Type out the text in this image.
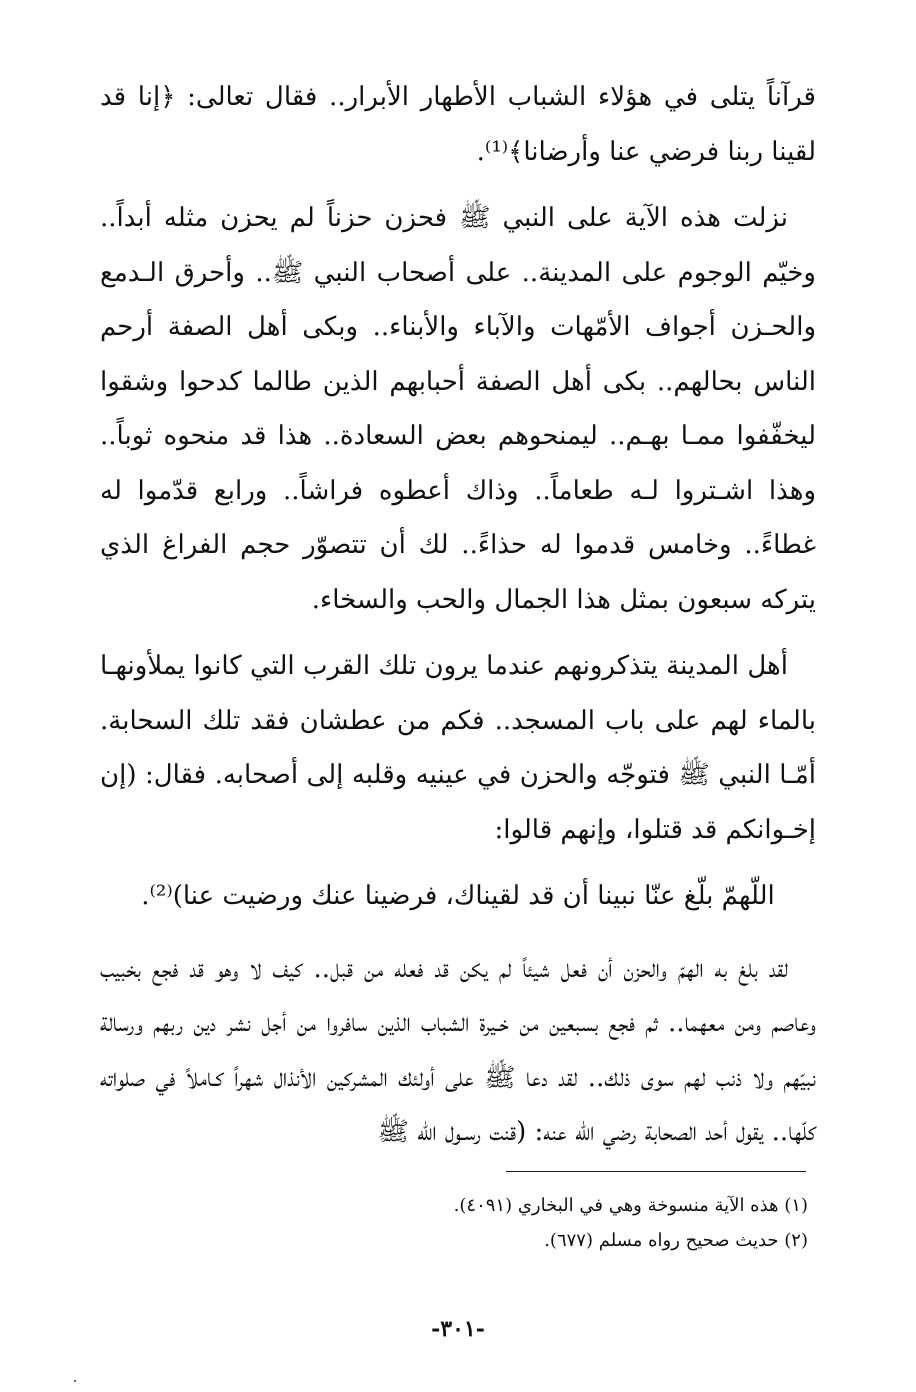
قرآناً يتلى في هؤلاء الشباب الأطهار الأبرار.. فقال تعالى: ﴿إنا قد لقينا ربنا فرضي عنا وأرضانا﴾⁽¹⁾.

نزلت هذه الآية على النبي ﷺ فحزن حزناً لم يحزن مثله أبداً.. وخيّم الوجوم على المدينة.. على أصحاب النبي ﷺ.. وأحرق الـدمع والحـزن أجواف الأمّهات والآباء والأبناء.. وبكى أهل الصفة أرحم الناس بحالهم.. بكى أهل الصفة أحبابهم الذين طالما كدحوا وشقوا ليخفّفوا ممـا بهـم.. ليمنحوهم بعض السعادة.. هذا قد منحوه ثوباً.. وهذا اشـتروا لـه طعاماً.. وذاك أعطوه فراشاً.. ورابع قدّموا له غطاءً.. وخامس قدموا له حذاءً.. لك أن تتصوّر حجم الفراغ الذي يتركه سبعون بمثل هذا الجمال والحب والسخاء.

أهل المدينة يتذكرونهم عندما يرون تلك القرب التي كانوا يملأونهـا بالماء لهم على باب المسجد.. فكم من عطشان فقد تلك السحابة. أمّـا النبي ﷺ فتوجّه والحزن في عينيه وقلبه إلى أصحابه. فقال: (إن إخـوانكم قد قتلوا، وإنهم قالوا:

اللّهمّ بلّغ عنّا نبينا أن قد لقيناك، فرضينا عنك ورضيت عنا)⁽²⁾.

لقد بلغ به الهمّ والحزن أن فعل شيئاً لم يكن قد فعله من قبل.. كيف لا وهو قد فجع بخبيب وعاصم ومن معهما.. ثم فجع بسبعين من خـيرة الشباب الذين سافروا من أجل نشر دين ربهم ورسالة نبيّهم ولا ذنب لهم سوى ذلك.. لقد دعا ﷺ على أولئك المشركين الأنذال شهراً كـاملاً في صلواته كلّها.. يقول أحد الصحابة رضي الله عنه: (قنت رسـول الله ﷺ

(١) هذه الآية منسوخة وهي في البخاري (٤٠٩١).

(٢) حديث صحيح رواه مسلم (٦٧٧).

-٣٠١-
